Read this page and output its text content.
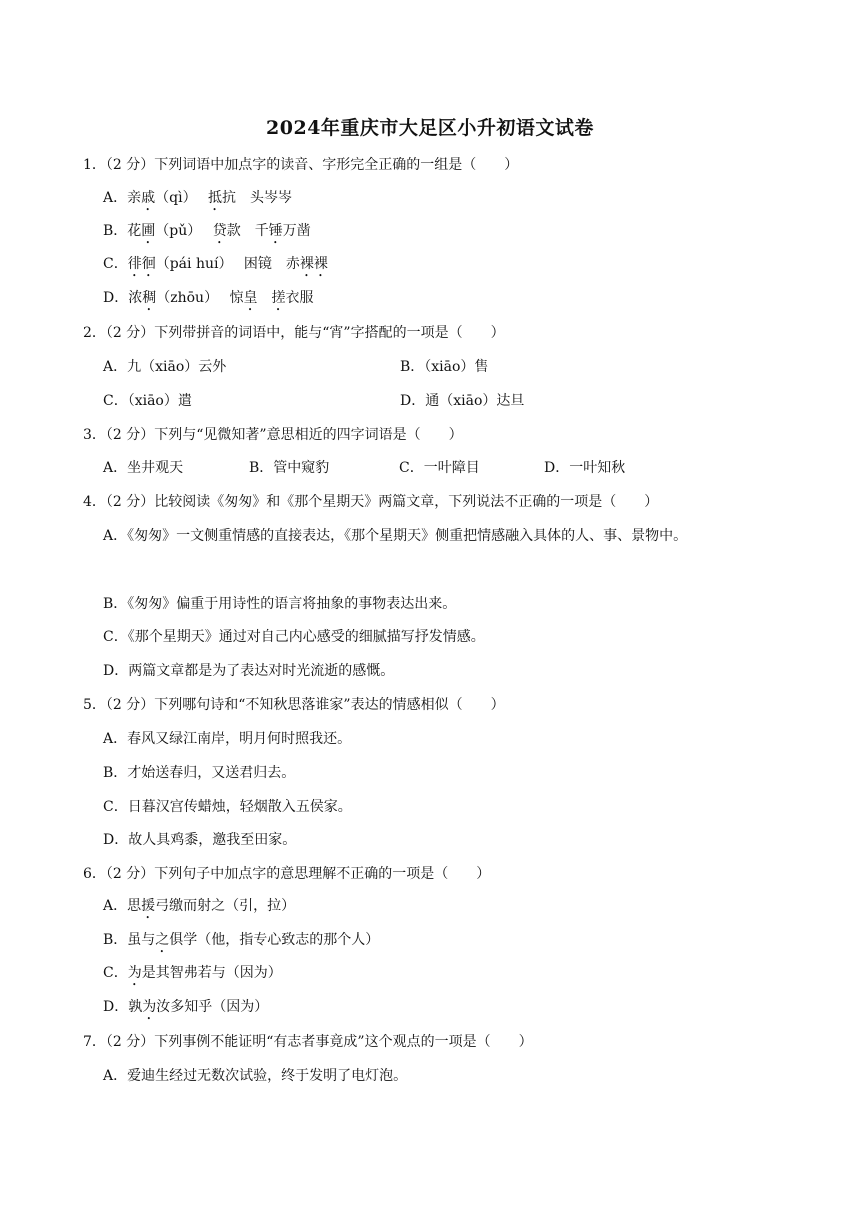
2024年重庆市大足区小升初语文试卷
1．（2 分）下列词语中加点字的读音、字形完全正确的一组是（　　）
A．亲戚（qì）　 抵抗　头岑岑
B．花圃（pǔ）　 贷款　千锤万凿
C．徘徊（pái huí）　 困镜　赤裸裸
D．浓稠（zhōu）　 惊皇　 搓衣服
2．（2 分）下列带拼音的词语中，能与“宵”字搭配的一项是（　　）
A．九（xiāo）云外	B．（xiāo）售
C．（xiāo）遣	D．通（xiāo）达旦
3．（2 分）下列与“见微知著”意思相近的四字词语是（　　）
A．坐井观天	B．管中窥豹	C．一叶障目	D．一叶知秋
4．（2 分）比较阅读《匆匆》和《那个星期天》两篇文章，下列说法不正确的一项是（　　）
A．《匆匆》一文侧重情感的直接表达，《那个星期天》侧重把情感融入具体的人、事、景物中。
B．《匆匆》偏重于用诗性的语言将抽象的事物表达出来。
C．《那个星期天》通过对自己内心感受的细腻描写抒发情感。
D．两篇文章都是为了表达对时光流逝的感慨。
5．（2 分）下列哪句诗和“不知秋思落谁家”表达的情感相似（　　）
A．春风又绿江南岸，明月何时照我还。
B．才始送春归，又送君归去。
C．日暮汉宫传蜡烛，轻烟散入五侯家。
D．故人具鸡黍，邀我至田家。
6．（2 分）下列句子中加点字的意思理解不正确的一项是（　　）
A．思援弓缴而射之（引，拉）
B．虽与之俱学（他，指专心致志的那个人）
C．为是其智弗若与（因为）
D．孰为汝多知乎（因为）
7．（2 分）下列事例不能证明“有志者事竟成”这个观点的一项是（　　）
A．爱迪生经过无数次试验，终于发明了电灯泡。
